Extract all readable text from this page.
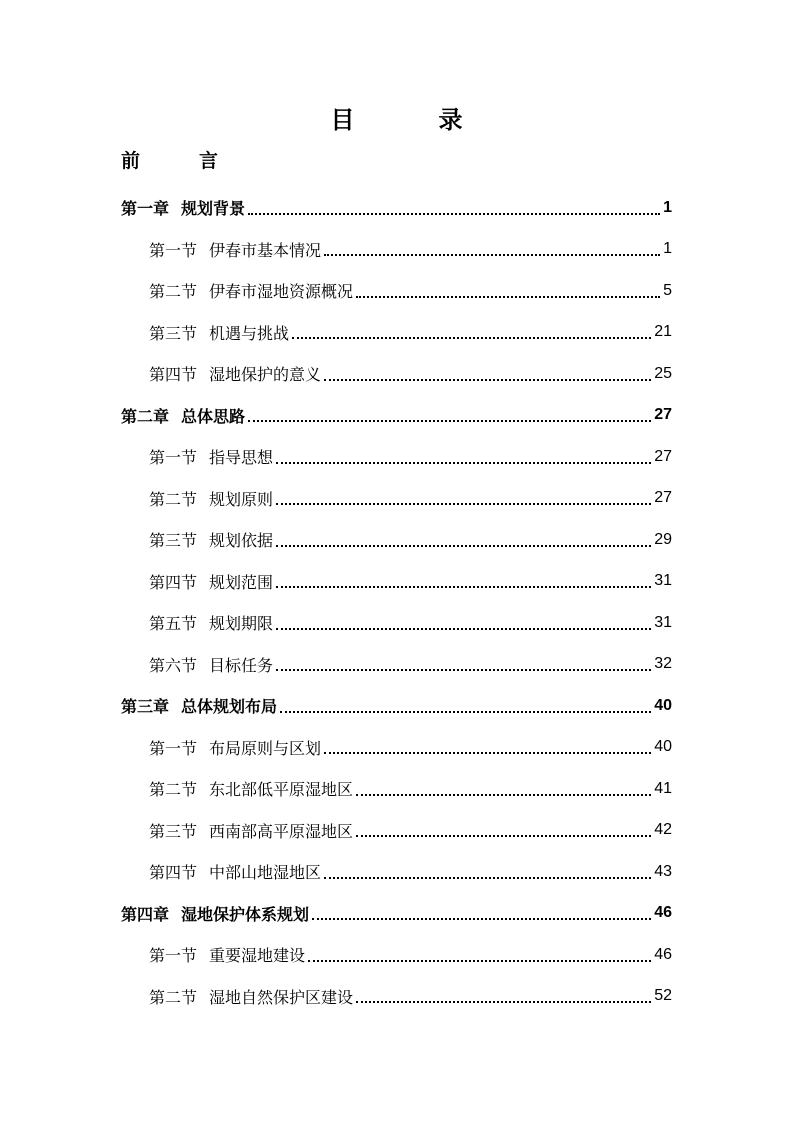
目　录
前　言
第一章 规划背景	1
第一节 伊春市基本情况	1
第二节 伊春市湿地资源概况	5
第三节 机遇与挑战	21
第四节 湿地保护的意义	25
第二章 总体思路	27
第一节 指导思想	27
第二节 规划原则	27
第三节 规划依据	29
第四节 规划范围	31
第五节 规划期限	31
第六节 目标任务	32
第三章 总体规划布局	40
第一节 布局原则与区划	40
第二节 东北部低平原湿地区	41
第三节 西南部高平原湿地区	42
第四节 中部山地湿地区	43
第四章 湿地保护体系规划	46
第一节 重要湿地建设	46
第二节 湿地自然保护区建设	52
